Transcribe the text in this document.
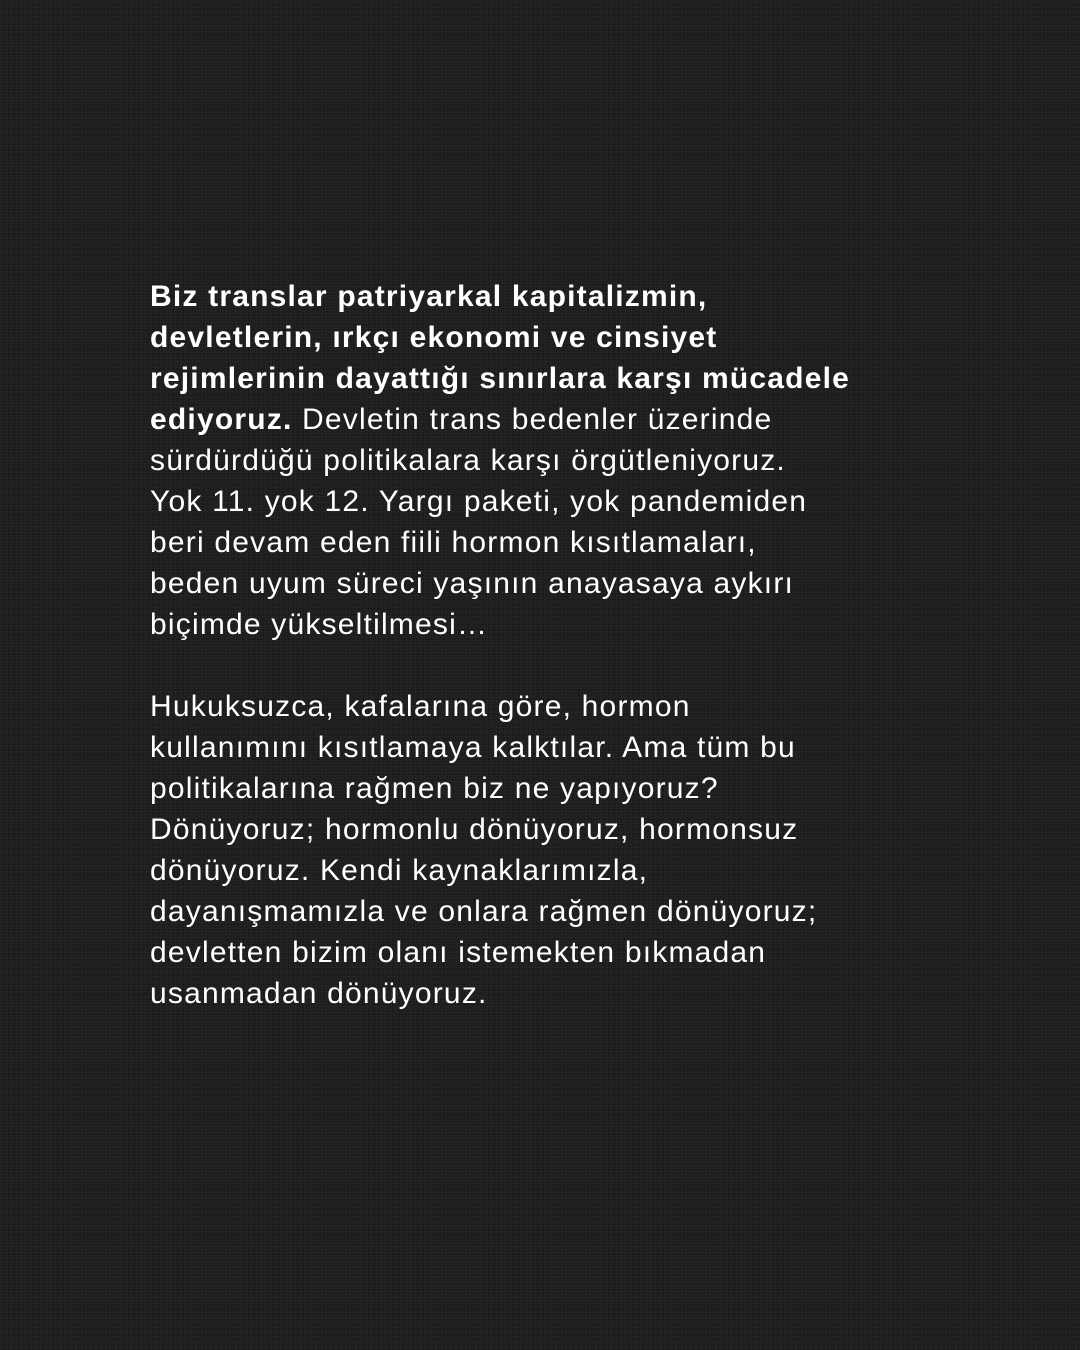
Biz translar patriyarkal kapitalizmin,
devletlerin, ırkçı ekonomi ve cinsiyet
rejimlerinin dayattığı sınırlara karşı mücadele
ediyoruz. Devletin trans bedenler üzerinde
sürdürdüğü politikalara karşı örgütleniyoruz.
Yok 11. yok 12. Yargı paketi, yok pandemiden
beri devam eden fiili hormon kısıtlamaları,
beden uyum süreci yaşının anayasaya aykırı
biçimde yükseltilmesi…
Hukuksuzca, kafalarına göre, hormon
kullanımını kısıtlamaya kalktılar. Ama tüm bu
politikalarına rağmen biz ne yapıyoruz?
Dönüyoruz; hormonlu dönüyoruz, hormonsuz
dönüyoruz. Kendi kaynaklarımızla,
dayanışmamızla ve onlara rağmen dönüyoruz;
devletten bizim olanı istemekten bıkmadan
usanmadan dönüyoruz.
